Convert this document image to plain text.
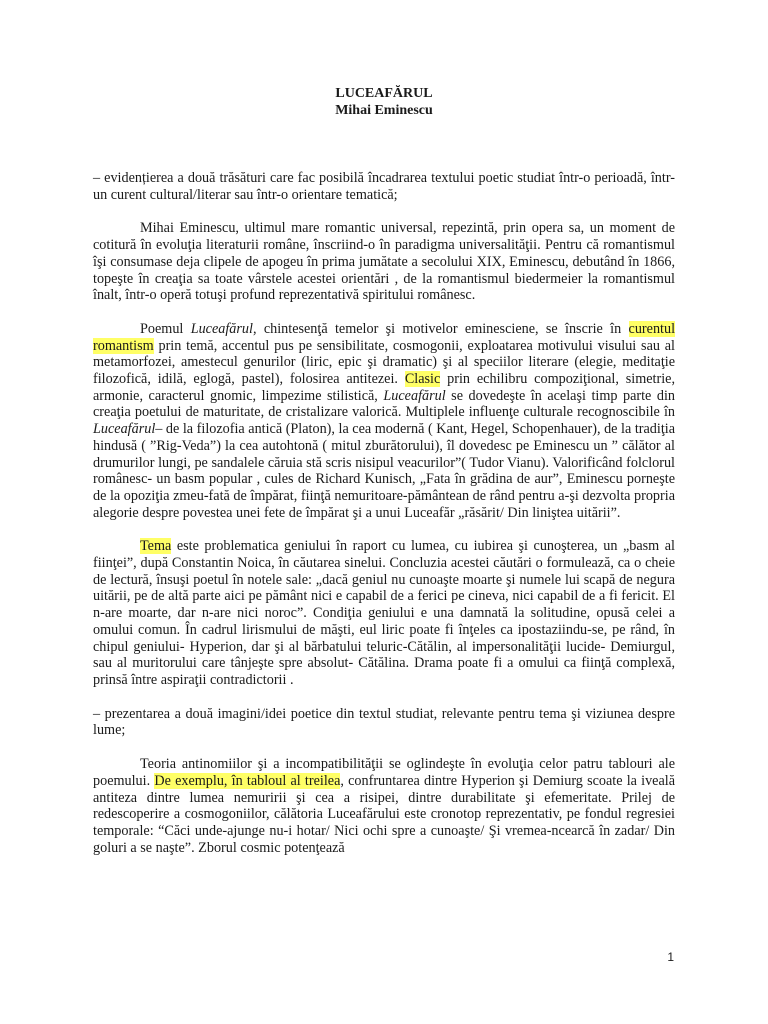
LUCEAFĂRUL
Mihai Eminescu

– evidențierea a două trăsături care fac posibilă încadrarea textului poetic studiat într-o perioadă, într-un curent cultural/literar sau într-o orientare tematică;

Mihai Eminescu, ultimul mare romantic universal, repezintă, prin opera sa, un moment de cotitură în evoluţia literaturii române, înscriind-o în paradigma universalităţii. Pentru că romantismul îşi consumase deja clipele de apogeu în prima jumătate a secolului XIX, Eminescu, debutând în 1866, topeşte în creaţia sa toate vârstele acestei orientări , de la romantismul biedermeier la romantismul înalt, într-o operă totuşi profund reprezentativă spiritului românesc.

Poemul Luceafărul, chintesenţă temelor şi motivelor eminesciene, se înscrie în curentul romantism prin temă, accentul pus pe sensibilitate, cosmogonii, exploatarea motivului visului sau al metamorfozei, amestecul genurilor (liric, epic şi dramatic) şi al speciilor literare (elegie, meditaţie filozofică, idilă, eglogă, pastel), folosirea antitezei. Clasic prin echilibru compoziţional, simetrie, armonie, caracterul gnomic, limpezime stilistică, Luceafărul se dovedeşte în acelaşi timp parte din creaţia poetului de maturitate, de cristalizare valorică. Multiplele influenţe culturale recognoscibile în Luceafărul– de la filozofia antică (Platon), la cea modernă ( Kant, Hegel, Schopenhauer), de la tradiţia hindusă ( ”Rig-Veda”) la cea autohtonă ( mitul zburătorului), îl dovedesc pe Eminescu un ” călător al drumurilor lungi, pe sandalele căruia stă scris nisipul veacurilor”( Tudor Vianu). Valorificând folclorul românesc- un basm popular , cules de Richard Kunisch, „Fata în grădina de aur”, Eminescu porneşte de la opoziţia zmeu-fată de împărat, fiinţă nemuritoare-pământean de rând pentru a-şi dezvolta propria alegorie despre povestea unei fete de împărat şi a unui Luceafăr „răsărit/ Din liniştea uitării”.

Tema este problematica geniului în raport cu lumea, cu iubirea şi cunoşterea, un „basm al fiinţei”, după Constantin Noica, în căutarea sinelui. Concluzia acestei căutări o formulează, ca o cheie de lectură, însuşi poetul în notele sale: „dacă geniul nu cunoaşte moarte şi numele lui scapă de negura uitării, pe de altă parte aici pe pământ nici e capabil de a ferici pe cineva, nici capabil de a fi fericit. El n-are moarte, dar n-are nici noroc”. Condiţia geniului e una damnată la solitudine, opusă celei a omului comun. În cadrul lirismului de măşti, eul liric poate fi înţeles ca ipostaziindu-se, pe rând, în chipul geniului- Hyperion, dar şi al bărbatului teluric-Cătălin, al impersonalităţii lucide- Demiurgul, sau al muritorului care tânjeşte spre absolut- Cătălina. Drama poate fi a omului ca fiinţă complexă, prinsă între aspiraţii contradictorii .

– prezentarea a două imagini/idei poetice din textul studiat, relevante pentru tema şi viziunea despre lume;

Teoria antinomiilor şi a incompatibilităţii se oglindeşte în evoluţia celor patru tablouri ale poemului. De exemplu, în tabloul al treilea, confruntarea dintre Hyperion şi Demiurg scoate la iveală antiteza dintre lumea nemuririi şi cea a risipei, dintre durabilitate şi efemeritate. Prilej de redescoperire a cosmogoniilor, călătoria Luceafărului este cronotop reprezentativ, pe fondul regresiei temporale: “Căci unde-ajunge nu-i hotar/ Nici ochi spre a cunoaşte/ Şi vremea-ncearcă în zadar/ Din goluri a se naşte”. Zborul cosmic potenţează

1
